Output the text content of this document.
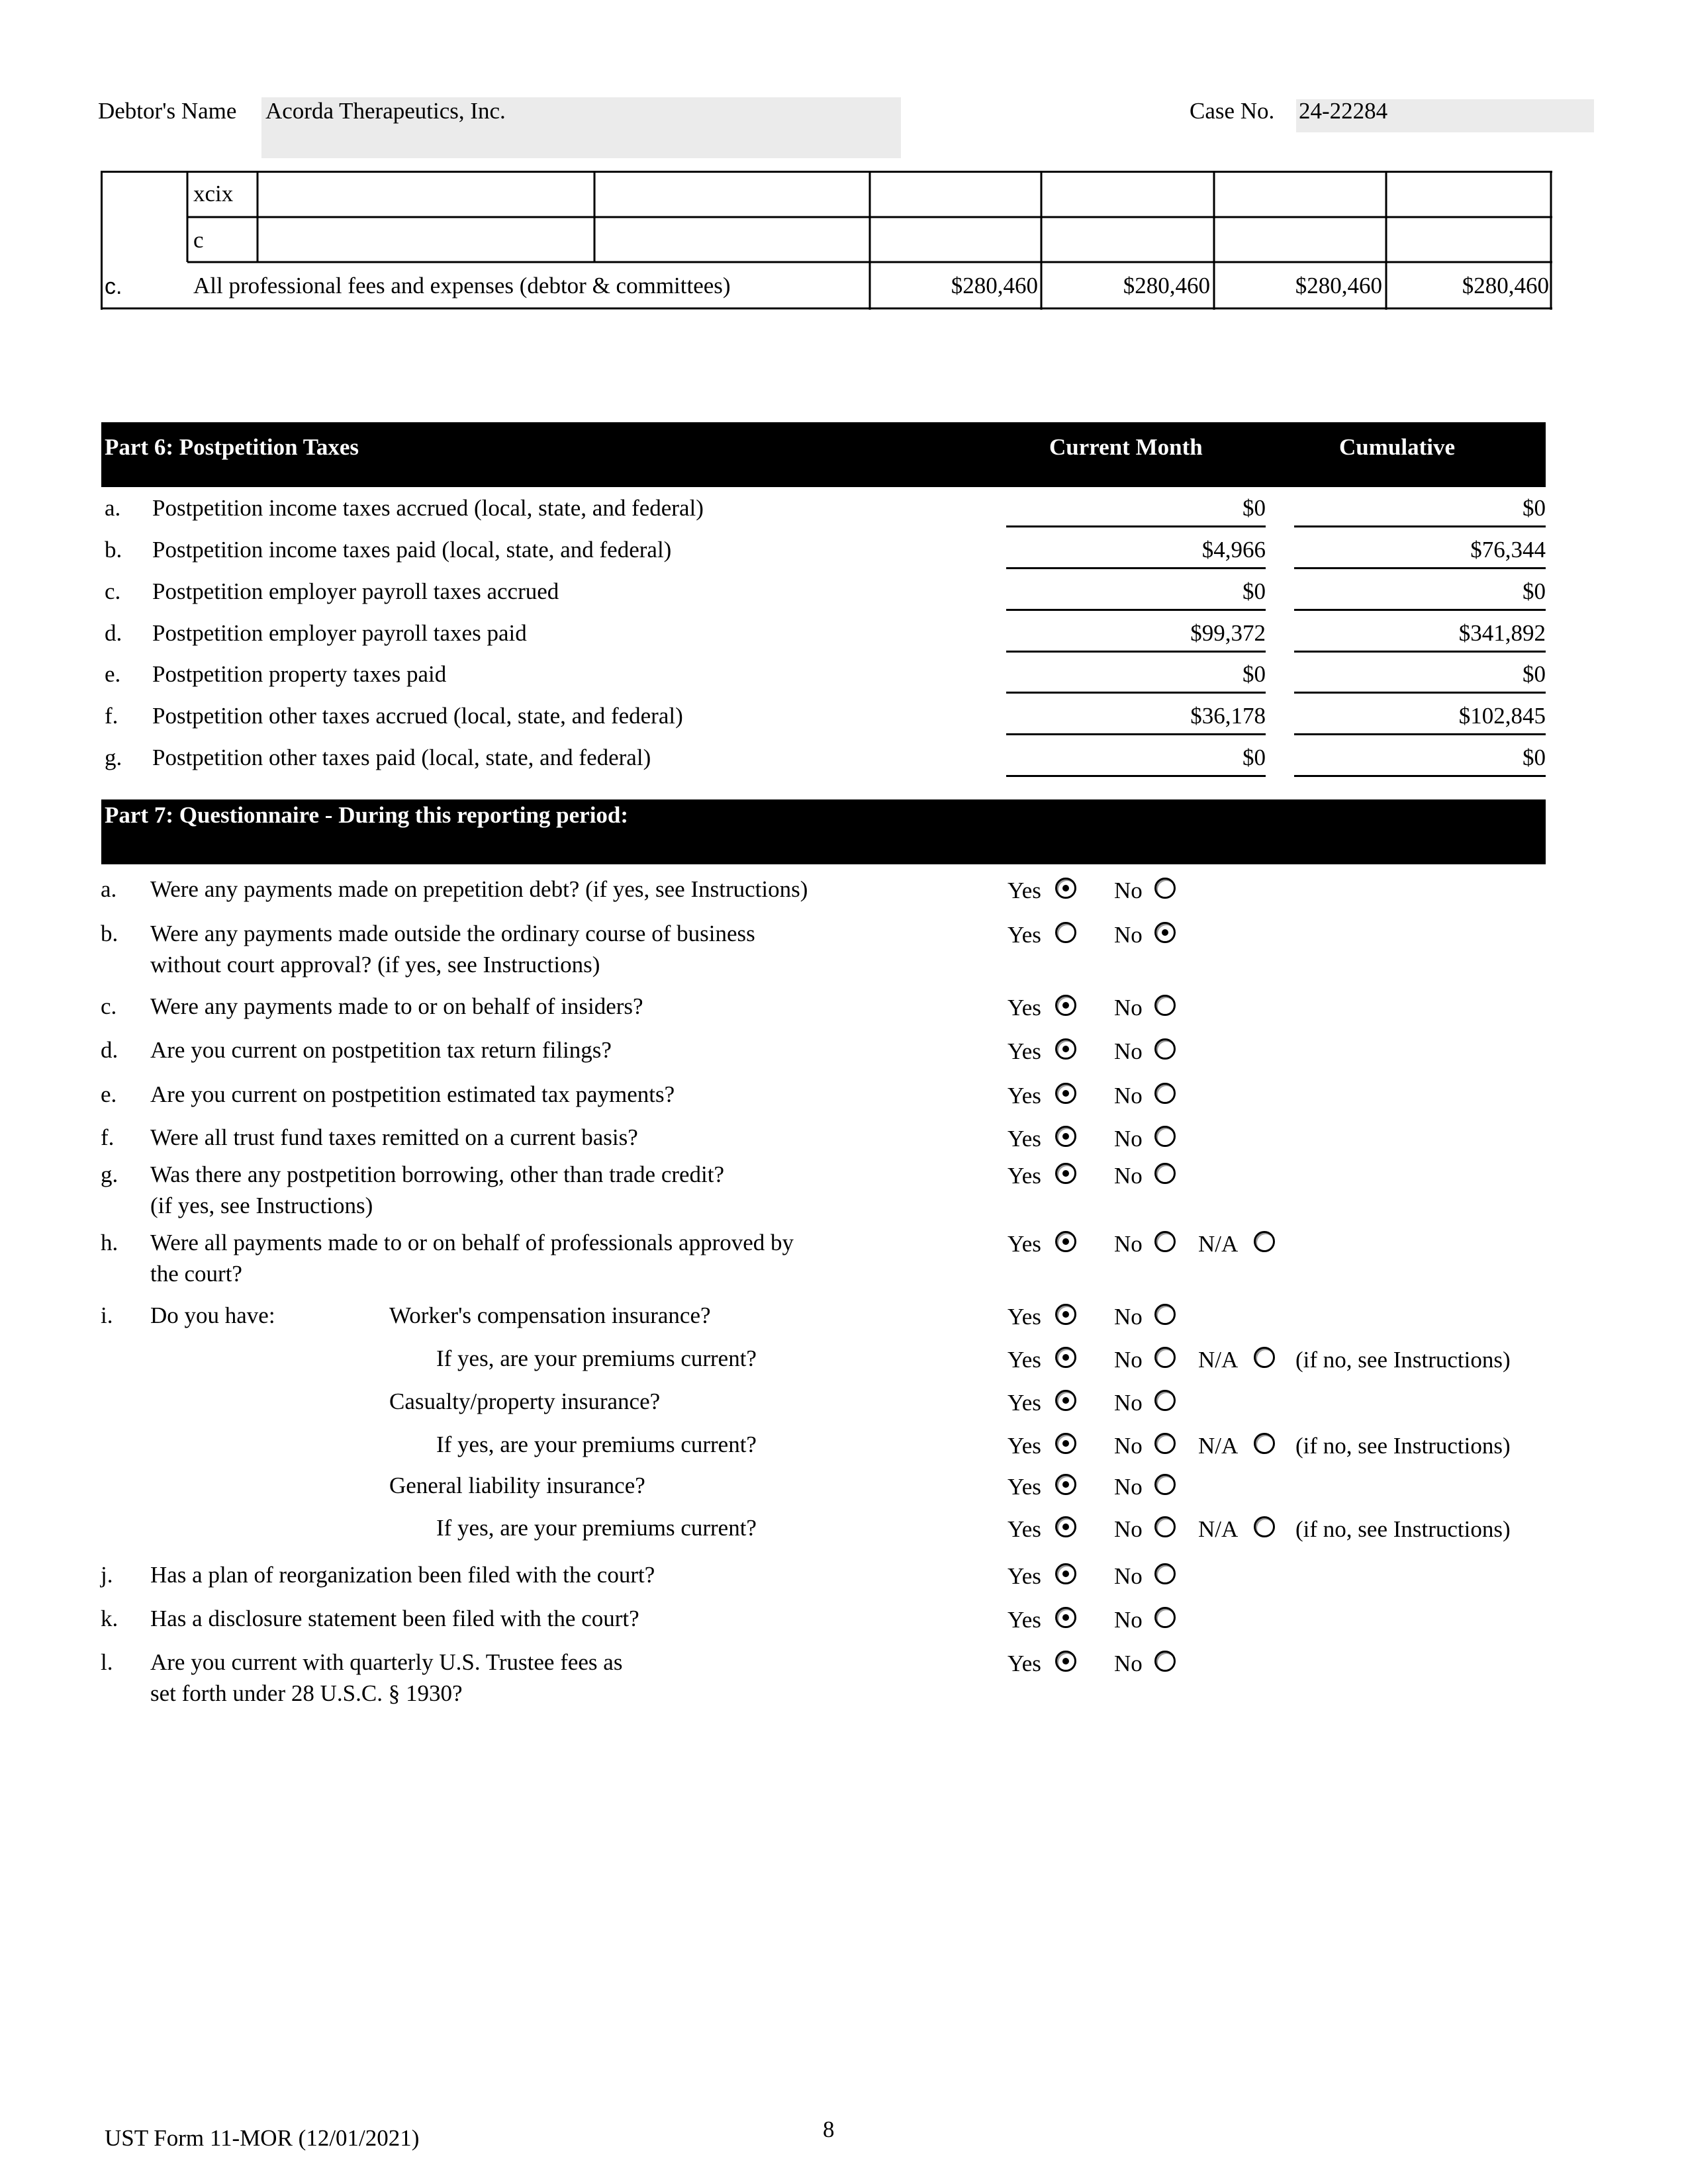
Debtor's Name Acorda Therapeutics, Inc.	Case No. 24-22284
xcix
c
c.	All professional fees and expenses (debtor & committees)	$280,460	$280,460	$280,460	$280,460
Part 6: Postpetition Taxes	Current Month	Cumulative
a. Postpetition income taxes accrued (local, state, and federal)	$0	$0
b. Postpetition income taxes paid (local, state, and federal)	$4,966	$76,344
c. Postpetition employer payroll taxes accrued	$0	$0
d. Postpetition employer payroll taxes paid	$99,372	$341,892
e. Postpetition property taxes paid	$0	$0
f. Postpetition other taxes accrued (local, state, and federal)	$36,178	$102,845
g. Postpetition other taxes paid (local, state, and federal)	$0	$0
Part 7: Questionnaire - During this reporting period:
a. Were any payments made on prepetition debt? (if yes, see Instructions)	Yes	No
b. Were any payments made outside the ordinary course of business
without court approval? (if yes, see Instructions)
Yes	No
c. Were any payments made to or on behalf of insiders?	Yes	No
d. Are you current on postpetition tax return filings?	Yes	No
e. Are you current on postpetition estimated tax payments?	Yes	No
f. Were all trust fund taxes remitted on a current basis?	Yes	No
g. Was there any postpetition borrowing, other than trade credit?
(if yes, see Instructions)
Yes	No
h. Were all payments made to or on behalf of professionals approved by
the court?
Yes	No N/A
i. Do you have:	Worker's compensation insurance?	Yes	No
If yes, are your premiums current?	Yes	No N/A (if no, see Instructions)
Casualty/property insurance?	Yes	No
If yes, are your premiums current?	Yes	No N/A (if no, see Instructions)
General liability insurance?	Yes	No
If yes, are your premiums current?	Yes	No N/A (if no, see Instructions)
j. Has a plan of reorganization been filed with the court?	Yes	No
k. Has a disclosure statement been filed with the court?	Yes	No
l. Are you current with quarterly U.S. Trustee fees as
set forth under 28 U.S.C. § 1930?
Yes	No
UST Form 11-MOR (12/01/2021)	8
